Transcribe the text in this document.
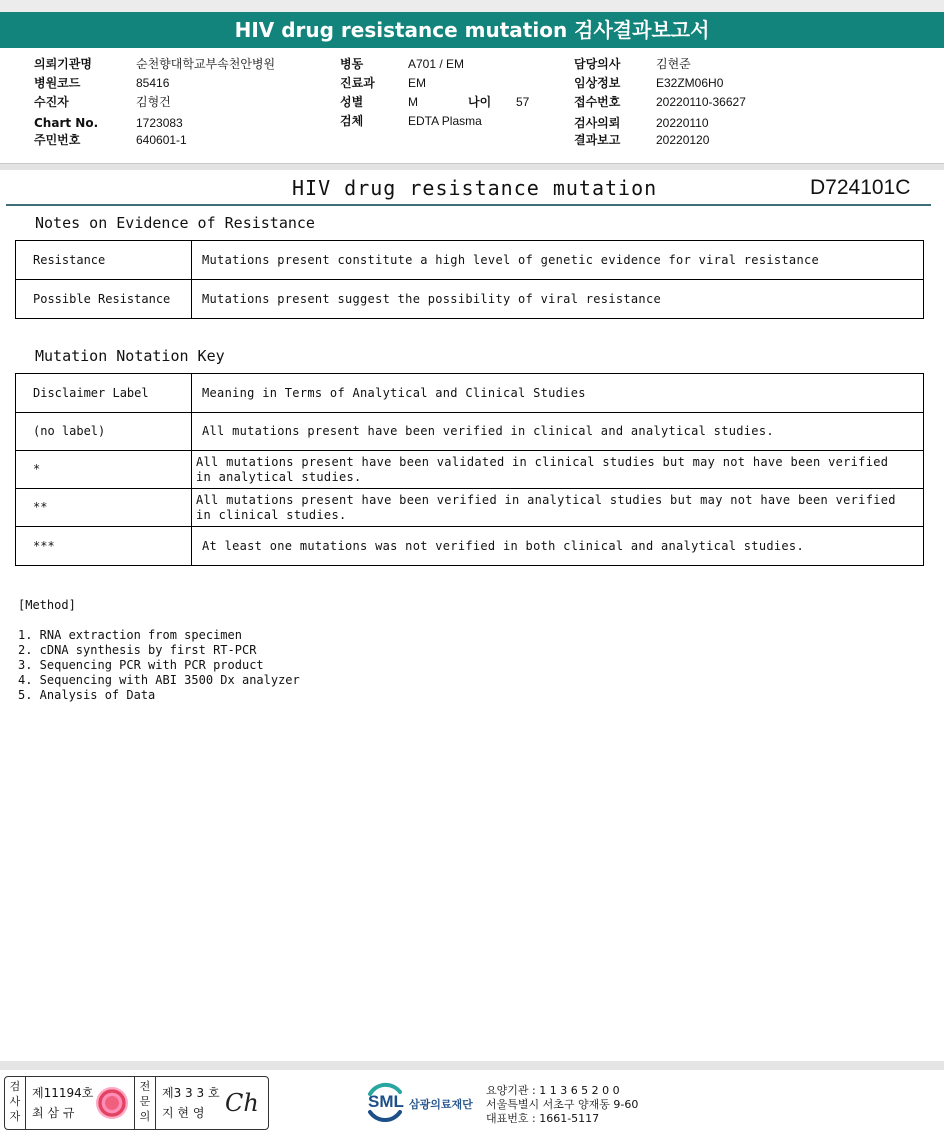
HIV drug resistance mutation 검사결과보고서
의뢰기관명	순천향대학교부속천안병원
병원코드	85416
수진자	김형건
Chart No.	1723083
주민번호	640601-1
병동	A701 / EM
진료과	EM
성별	M	나이 57
검체	EDTA Plasma
담당의사	김현준
임상정보	E32ZM06H0
접수번호	20220110-36627
검사의뢰	20220110
결과보고	20220120
HIV drug resistance mutation	D724101C
Notes on Evidence of Resistance
Resistance	Mutations present constitute a high level of genetic evidence for viral resistance
Possible Resistance	Mutations present suggest the possibility of viral resistance
Mutation Notation Key
Disclaimer Label	Meaning in Terms of Analytical and Clinical Studies
(no label)	All mutations present have been verified in clinical and analytical studies.
*	All mutations present have been validated in clinical studies but may not have been verified in analytical studies.
**	All mutations present have been verified in analytical studies but may not have been verified in clinical studies.
***	At least one mutations was not verified in both clinical and analytical studies.
[Method]
1. RNA extraction from specimen
2. cDNA synthesis by first RT-PCR
3. Sequencing PCR with PCR product
4. Sequencing with ABI 3500 Dx analyzer
5. Analysis of Data
검
사
자
제11194호
최 삼 규
전
문
의
제3 3 3 호
지 현 영 Ch	SML 삼광의료재단
요양기관 : 1 1 3 6 5 2 0 0
서울특별시 서초구 양재동 9-60
대표번호 : 1661-5117
